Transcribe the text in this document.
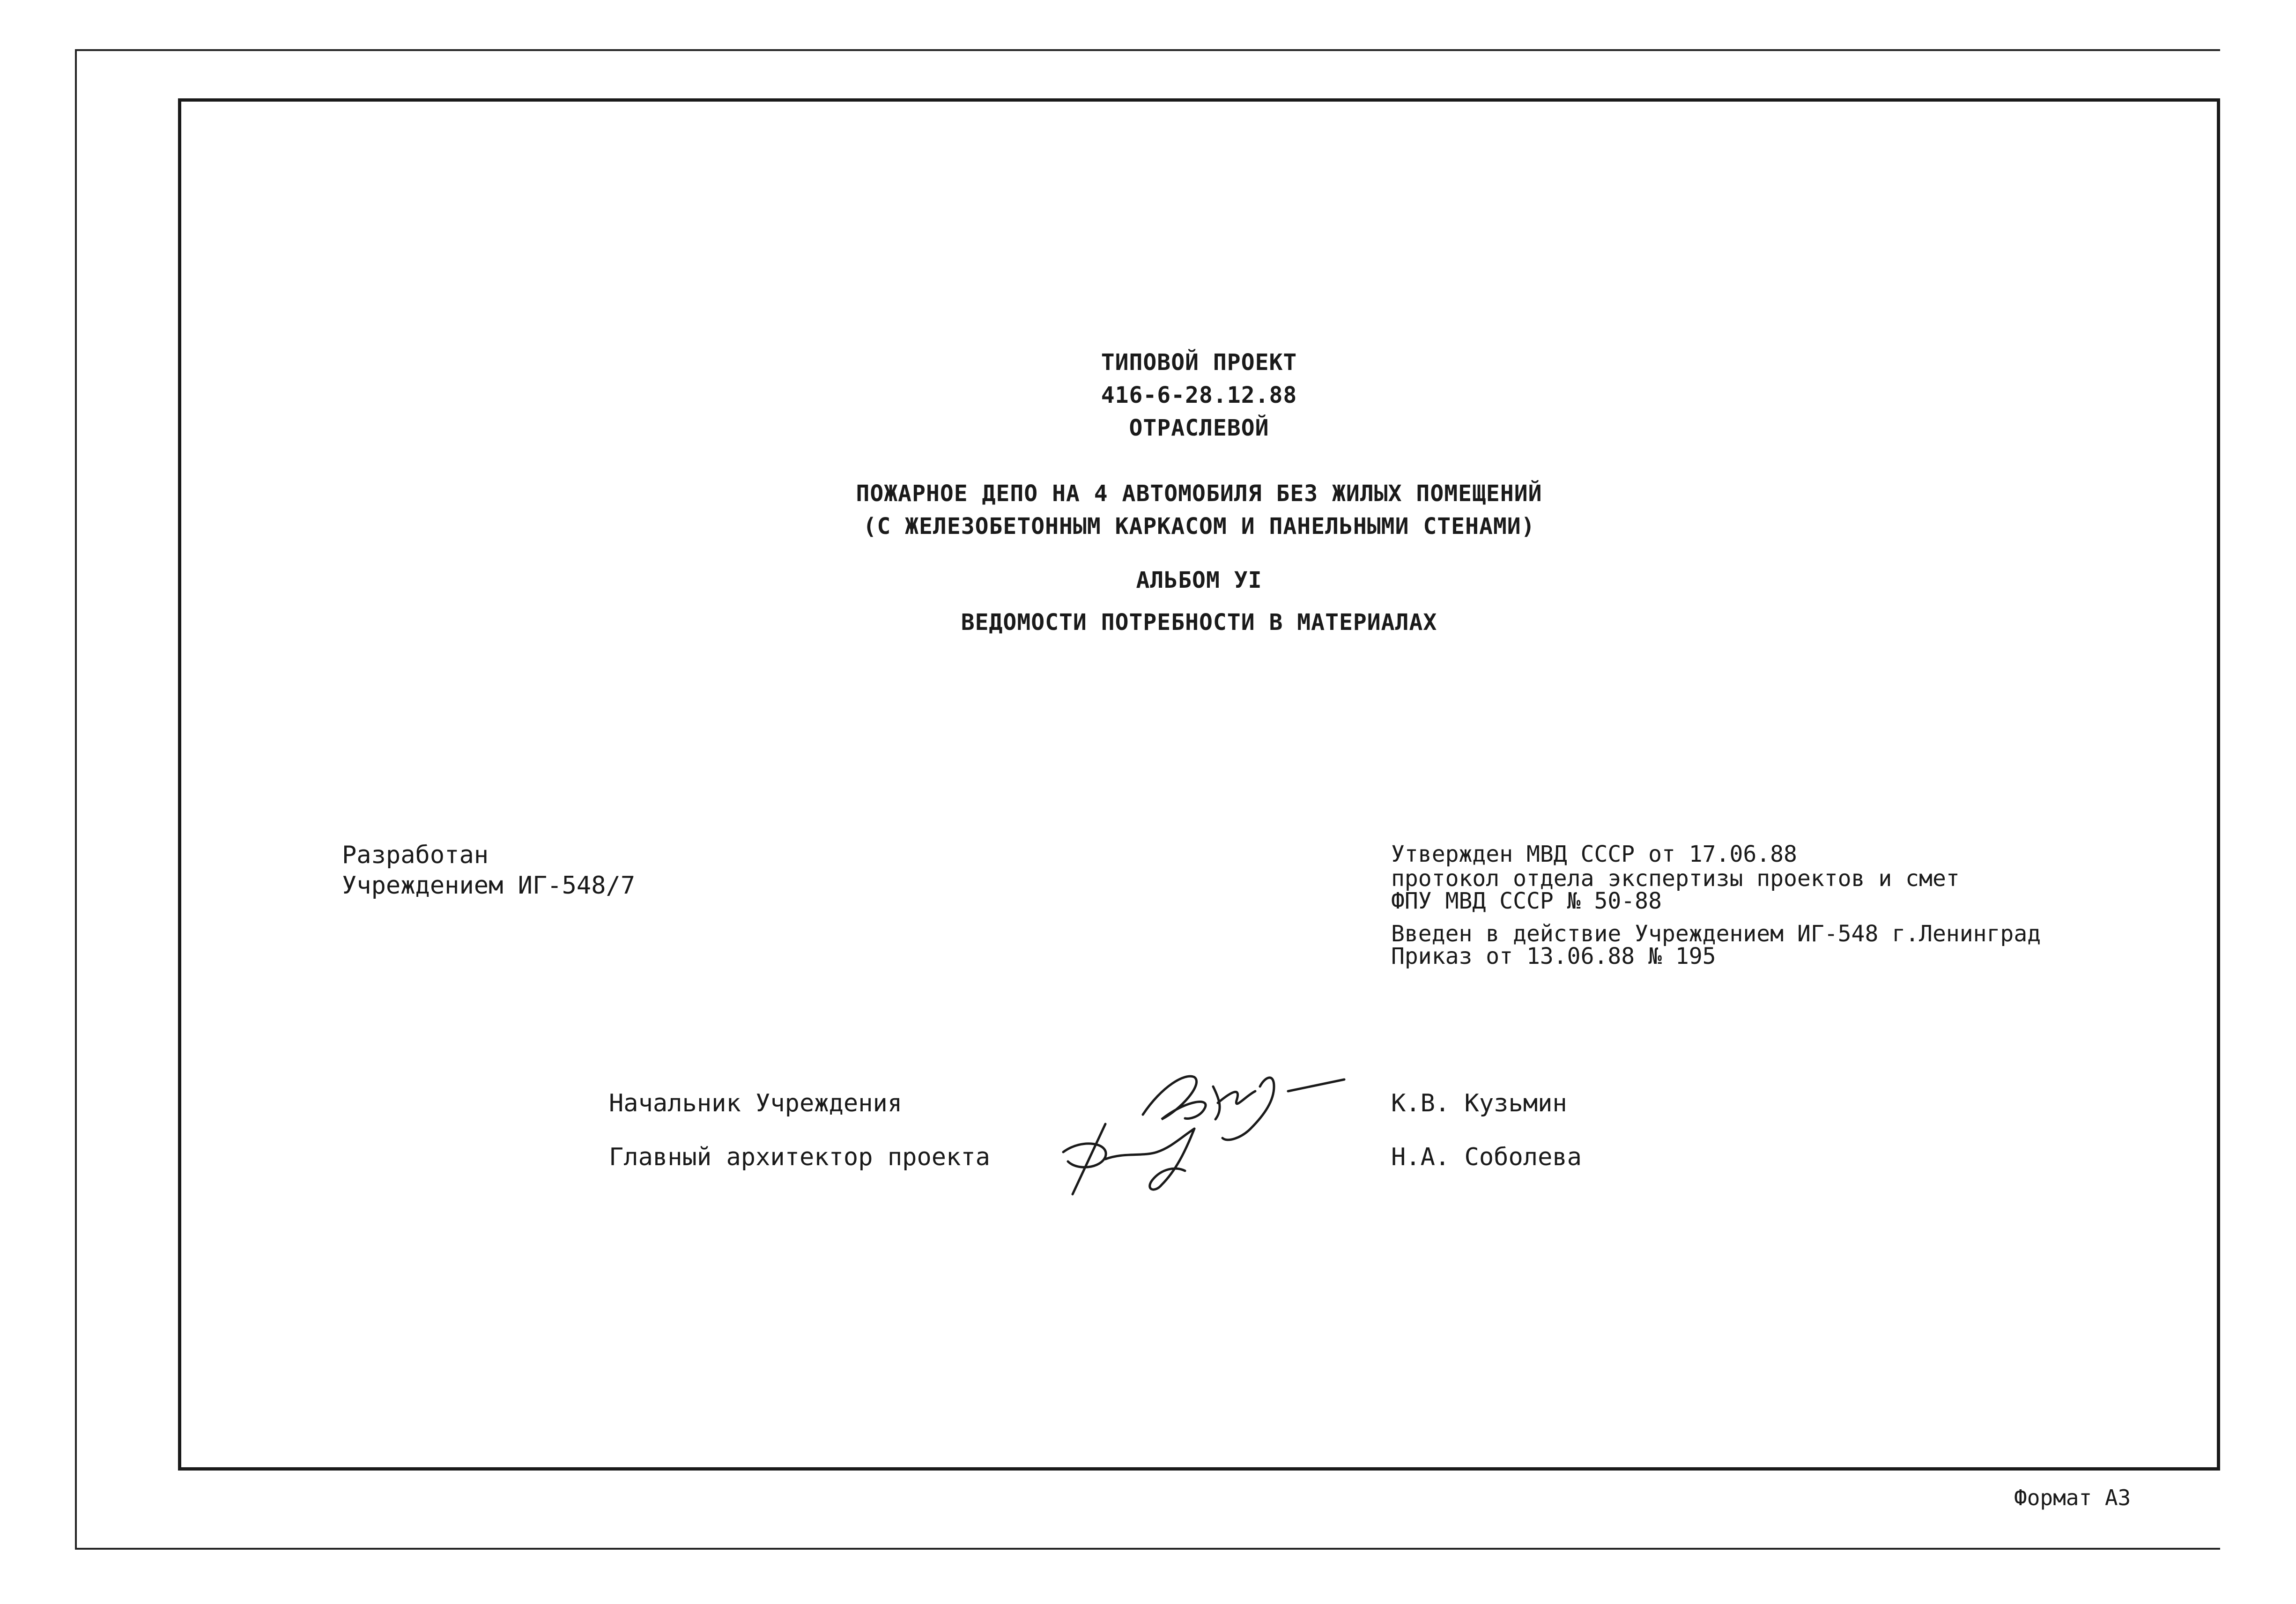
ТИПОВОЙ ПРОЕКТ
416-6-28.12.88
ОТРАСЛЕВОЙ
ПОЖАРНОЕ ДЕПО НА 4 АВТОМОБИЛЯ БЕЗ ЖИЛЫХ ПОМЕЩЕНИЙ
(С ЖЕЛЕЗОБЕТОННЫМ КАРКАСОМ И ПАНЕЛЬНЫМИ СТЕНАМИ)
АЛЬБОМ УI
ВЕДОМОСТИ ПОТРЕБНОСТИ В МАТЕРИАЛАХ
Разработан
Учреждением ИГ-548/7
Утвержден МВД СССР от 17.06.88
протокол отдела экспертизы проектов и смет
ФПУ МВД СССР № 50-88
Введен в действие Учреждением ИГ-548 г.Ленинград
Приказ от 13.06.88 № 195
Начальник Учреждения	К.В. Кузьмин
Главный архитектор проекта	Н.А. Соболева
Формат А3
